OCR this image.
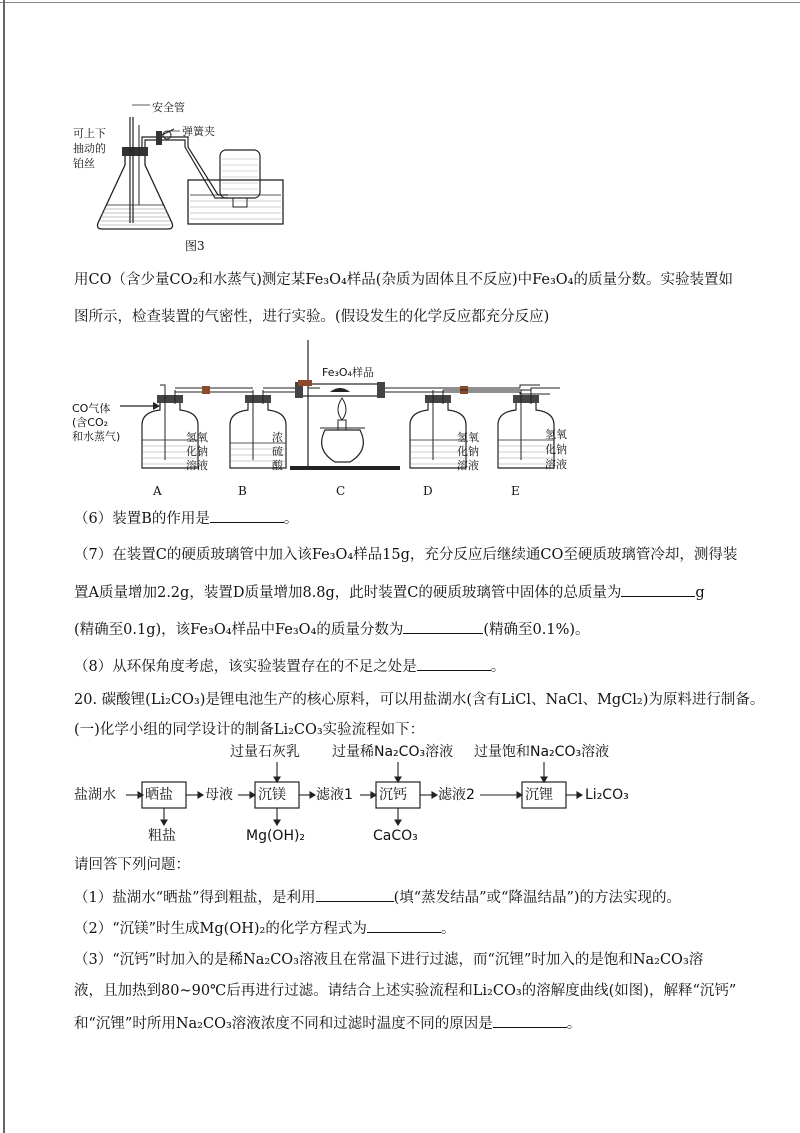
安全管
弹簧夹
可上下
抽动的
铂丝
图3
用CO（含少量CO₂和水蒸气)测定某Fe₃O₄样品(杂质为固体且不反应)中Fe₃O₄的质量分数。实验装置如
图所示，检查装置的气密性，进行实验。(假设发生的化学反应都充分反应)
CO气体
(含CO₂
和水蒸气)
Fe₃O₄样品
氢氧
化钠
溶液
浓
硫
酸
氢氧
化钠
溶液
氢氧
化钠
溶液
A	B	C	D	E
（6）装置B的作用是	。
（7）在装置C的硬质玻璃管中加入该Fe₃O₄样品15g，充分反应后继续通CO至硬质玻璃管冷却，测得装
置A质量增加2.2g，装置D质量增加8.8g，此时装置C的硬质玻璃管中固体的总质量为	g
(精确至0.1g)，该Fe₃O₄样品中Fe₃O₄的质量分数为	(精确至0.1%)。
（8）从环保角度考虑，该实验装置存在的不足之处是	。
20. 碳酸锂(Li₂CO₃)是锂电池生产的核心原料，可以用盐湖水(含有LiCl、NaCl、MgCl₂)为原料进行制备。
(一)化学小组的同学设计的制备Li₂CO₃实验流程如下：
过量石灰乳 过量稀Na₂CO₃溶液 过量饱和Na₂CO₃溶液
盐湖水 晒盐 母液 沉镁 滤液1 沉钙 滤液2	沉锂 Li₂CO₃
粗盐	Mg(OH)₂	CaCO₃
请回答下列问题：
（1）盐湖水“晒盐”得到粗盐，是利用	(填“蒸发结晶”或“降温结晶”)的方法实现的。
（2）“沉镁”时生成Mg(OH)₂的化学方程式为	。
（3）“沉钙”时加入的是稀Na₂CO₃溶液且在常温下进行过滤，而“沉锂”时加入的是饱和Na₂CO₃溶
液，且加热到80~90℃后再进行过滤。请结合上述实验流程和Li₂CO₃的溶解度曲线(如图)，解释“沉钙”
和“沉锂”时所用Na₂CO₃溶液浓度不同和过滤时温度不同的原因是	。
